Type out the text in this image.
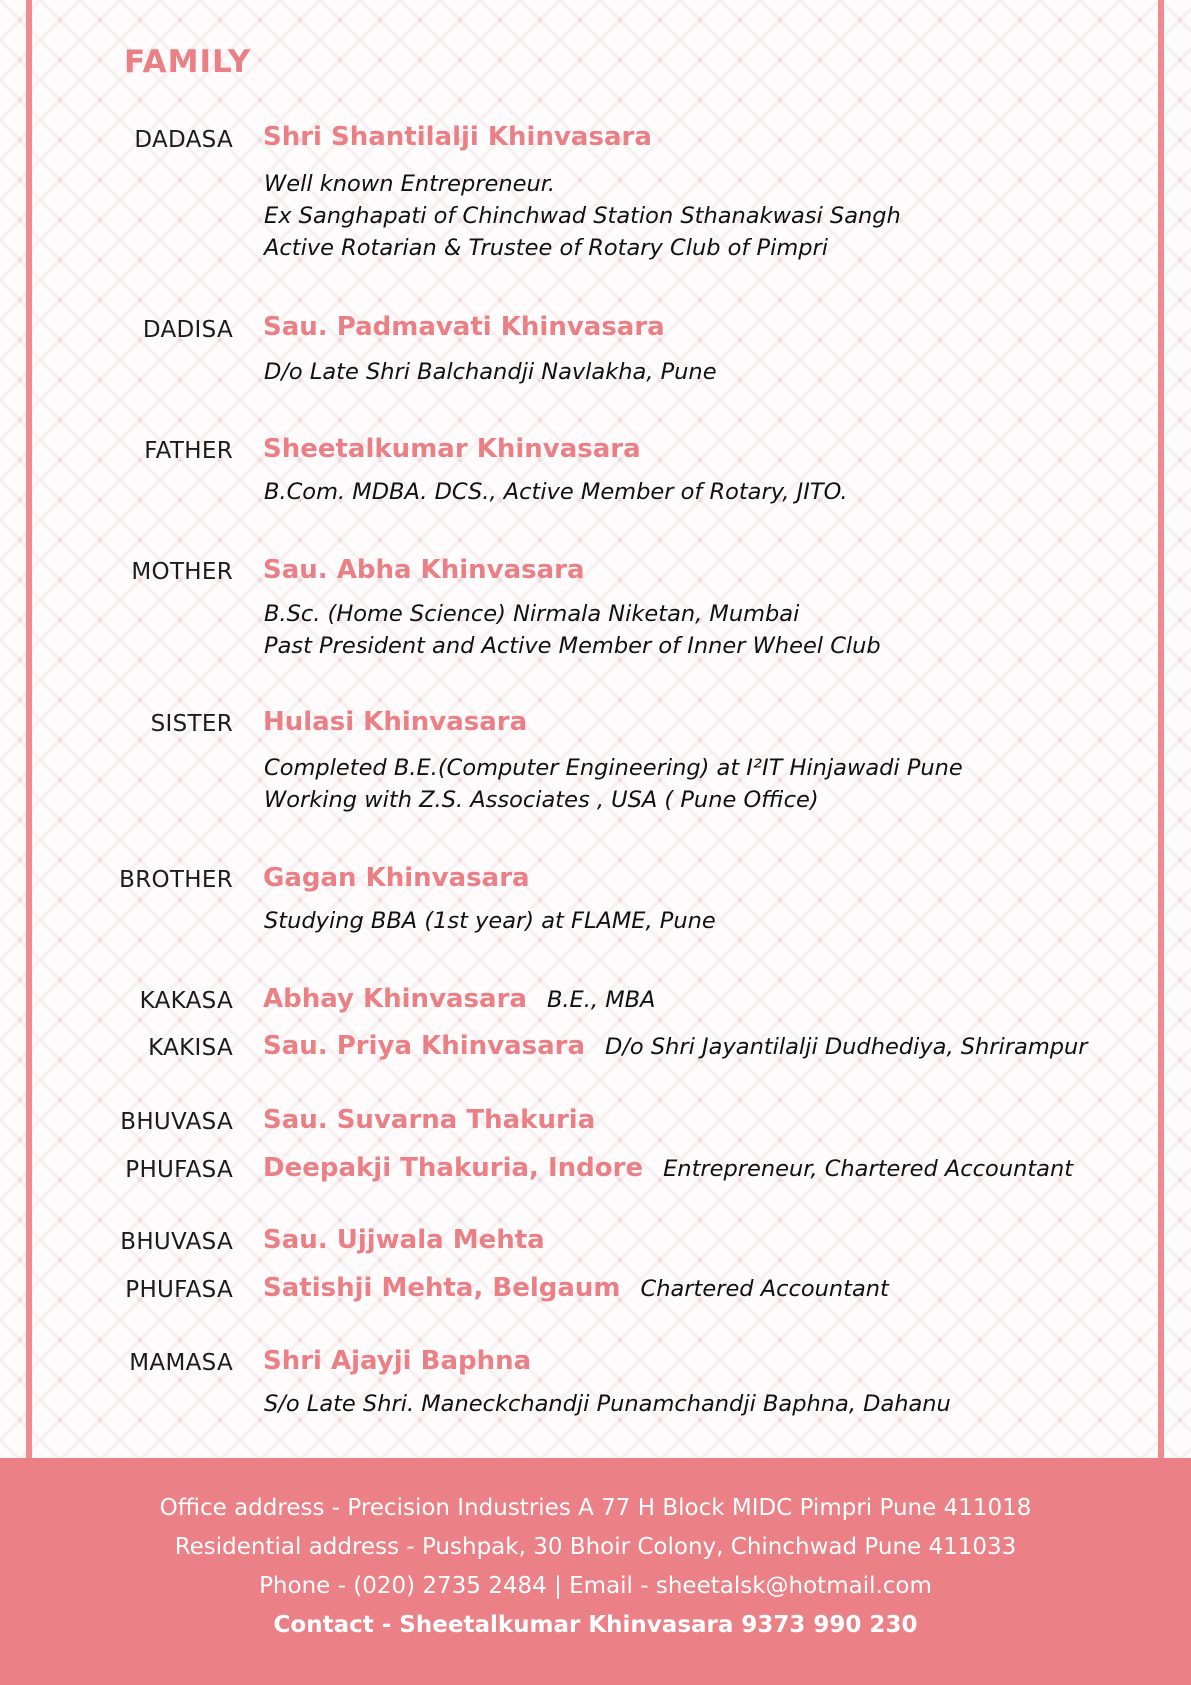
FAMILY
DADASA Shri Shantilalji Khinvasara
Well known Entrepreneur.
Ex Sanghapati of Chinchwad Station Sthanakwasi Sangh
Active Rotarian & Trustee of Rotary Club of Pimpri
DADISA Sau. Padmavati Khinvasara
D/o Late Shri Balchandji Navlakha, Pune
FATHER Sheetalkumar Khinvasara
B.Com. MDBA. DCS., Active Member of Rotary, JITO.
MOTHER Sau. Abha Khinvasara
B.Sc. (Home Science) Nirmala Niketan, Mumbai
Past President and Active Member of Inner Wheel Club
SISTER Hulasi Khinvasara
Completed B.E.(Computer Engineering) at I²IT Hinjawadi Pune
Working with Z.S. Associates , USA ( Pune Office)
BROTHER Gagan Khinvasara
Studying BBA (1st year) at FLAME, Pune
KAKASA Abhay Khinvasara B.E., MBA
KAKISA Sau. Priya Khinvasara D/o Shri Jayantilalji Dudhediya, Shrirampur
BHUVASA Sau. Suvarna Thakuria
PHUFASA Deepakji Thakuria, Indore Entrepreneur, Chartered Accountant
BHUVASA Sau. Ujjwala Mehta
PHUFASA Satishji Mehta, Belgaum Chartered Accountant
MAMASA Shri Ajayji Baphna
S/o Late Shri. Maneckchandji Punamchandji Baphna, Dahanu
Office address - Precision Industries A 77 H Block MIDC Pimpri Pune 411018
Residential address - Pushpak, 30 Bhoir Colony, Chinchwad Pune 411033
Phone - (020) 2735 2484 | Email - sheetalsk@hotmail.com
Contact - Sheetalkumar Khinvasara 9373 990 230
